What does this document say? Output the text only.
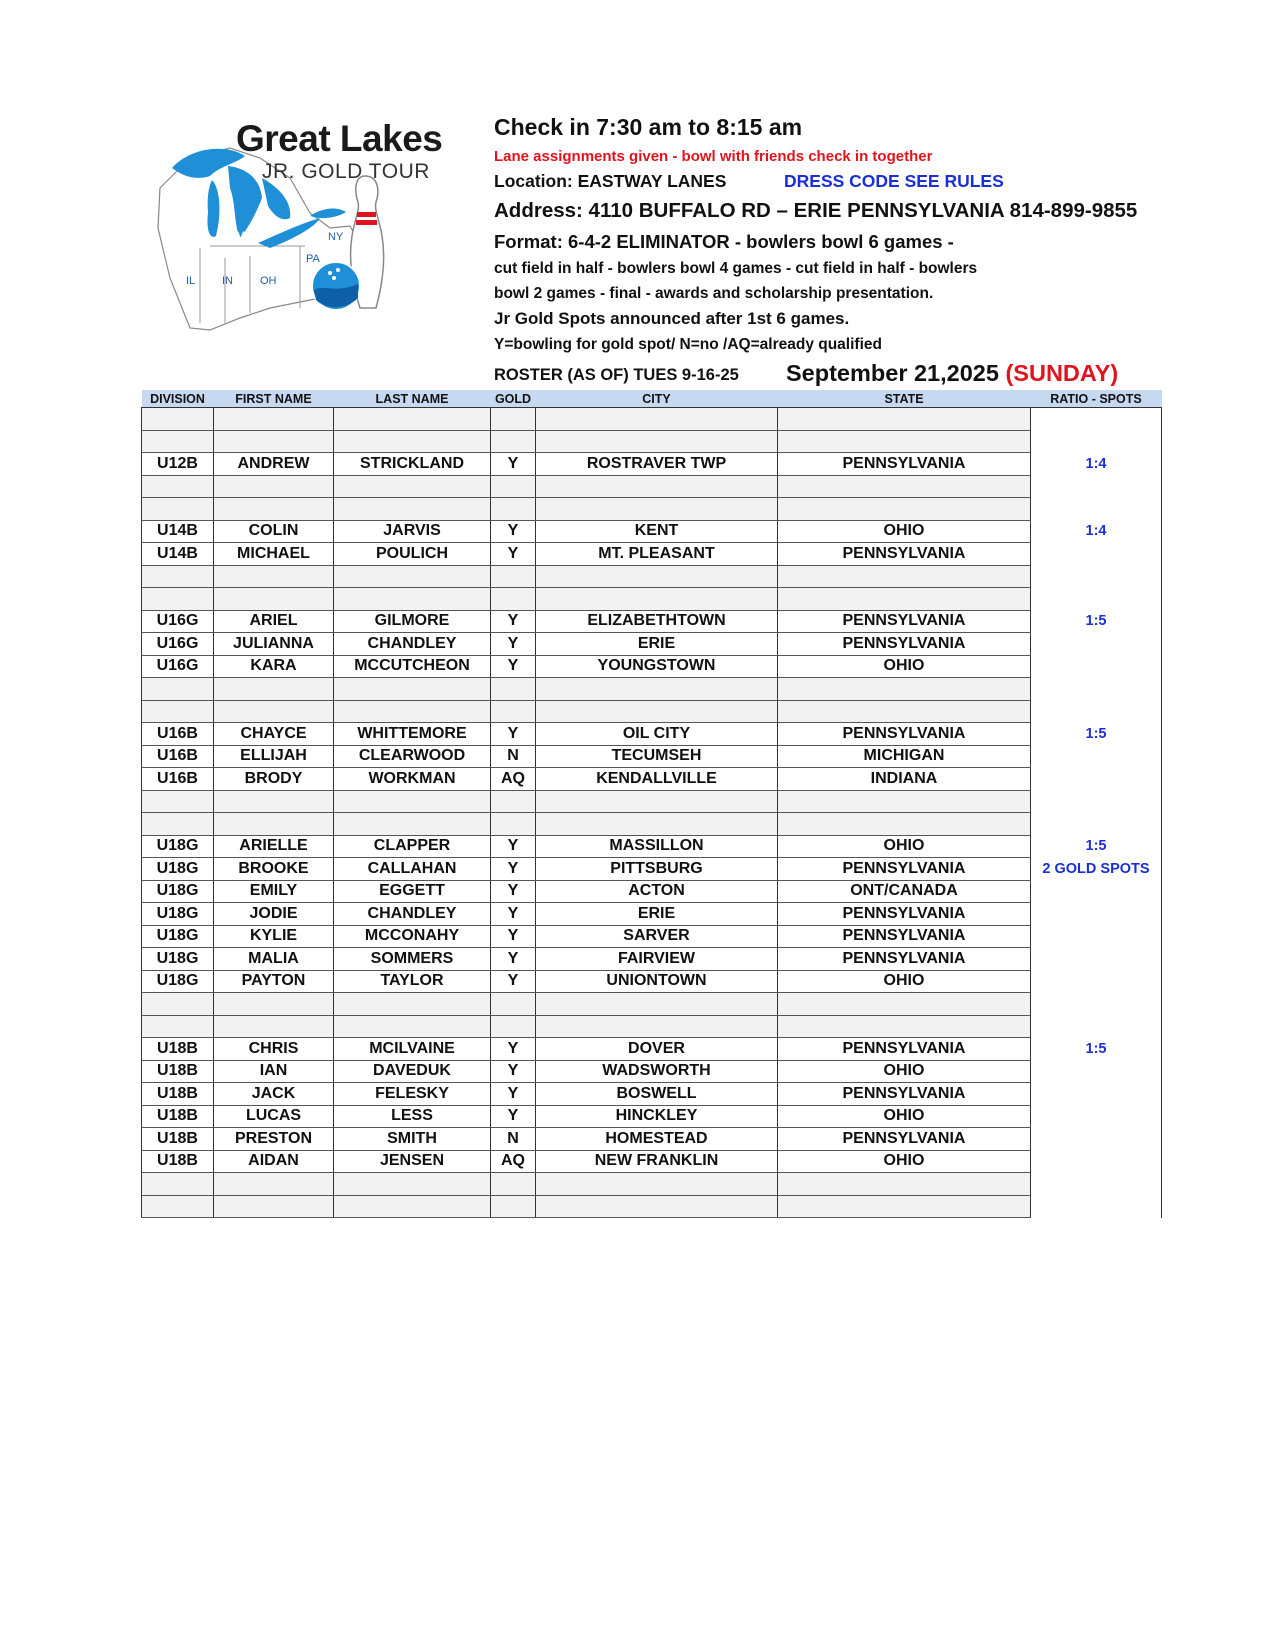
WI
MI	NY
PA
IL IN OH
Great Lakes
JR. GOLD TOUR
Check in 7:30 am to 8:15 am
Lane assignments given - bowl with friends check in together
Location: EASTWAY LANES	DRESS CODE SEE RULES
Address: 4110 BUFFALO RD – ERIE PENNSYLVANIA 814-899-9855
Format: 6-4-2 ELIMINATOR - bowlers bowl 6 games -
cut field in half - bowlers bowl 4 games - cut field in half - bowlers
bowl 2 games - final - awards and scholarship presentation.
Jr Gold Spots announced after 1st 6 games.
Y=bowling for gold spot/ N=no /AQ=already qualified
ROSTER (AS OF) TUES 9-16-25 September 21,2025 (SUNDAY)
DIVISION	FIRST NAME	LAST NAME	GOLD	CITY	STATE	RATIO - SPOTS

U12B	ANDREW	STRICKLAND	Y	ROSTRAVER TWP	PENNSYLVANIA	1:4

U14B	COLIN	JARVIS	Y	KENT	OHIO	1:4
U14B	MICHAEL	POULICH	Y	MT. PLEASANT	PENNSYLVANIA	

U16G	ARIEL	GILMORE	Y	ELIZABETHTOWN	PENNSYLVANIA	1:5
U16G	JULIANNA	CHANDLEY	Y	ERIE	PENNSYLVANIA	
U16G	KARA	MCCUTCHEON	Y	YOUNGSTOWN	OHIO	

U16B	CHAYCE	WHITTEMORE	Y	OIL CITY	PENNSYLVANIA	1:5
U16B	ELLIJAH	CLEARWOOD	N	TECUMSEH	MICHIGAN	
U16B	BRODY	WORKMAN	AQ	KENDALLVILLE	INDIANA	

U18G	ARIELLE	CLAPPER	Y	MASSILLON	OHIO	1:5
U18G	BROOKE	CALLAHAN	Y	PITTSBURG	PENNSYLVANIA	2 GOLD SPOTS
U18G	EMILY	EGGETT	Y	ACTON	ONT/CANADA	
U18G	JODIE	CHANDLEY	Y	ERIE	PENNSYLVANIA	
U18G	KYLIE	MCCONAHY	Y	SARVER	PENNSYLVANIA	
U18G	MALIA	SOMMERS	Y	FAIRVIEW	PENNSYLVANIA	
U18G	PAYTON	TAYLOR	Y	UNIONTOWN	OHIO	

U18B	CHRIS	MCILVAINE	Y	DOVER	PENNSYLVANIA	1:5
U18B	IAN	DAVEDUK	Y	WADSWORTH	OHIO	
U18B	JACK	FELESKY	Y	BOSWELL	PENNSYLVANIA	
U18B	LUCAS	LESS	Y	HINCKLEY	OHIO	
U18B	PRESTON	SMITH	N	HOMESTEAD	PENNSYLVANIA	
U18B	AIDAN	JENSEN	AQ	NEW FRANKLIN	OHIO	
